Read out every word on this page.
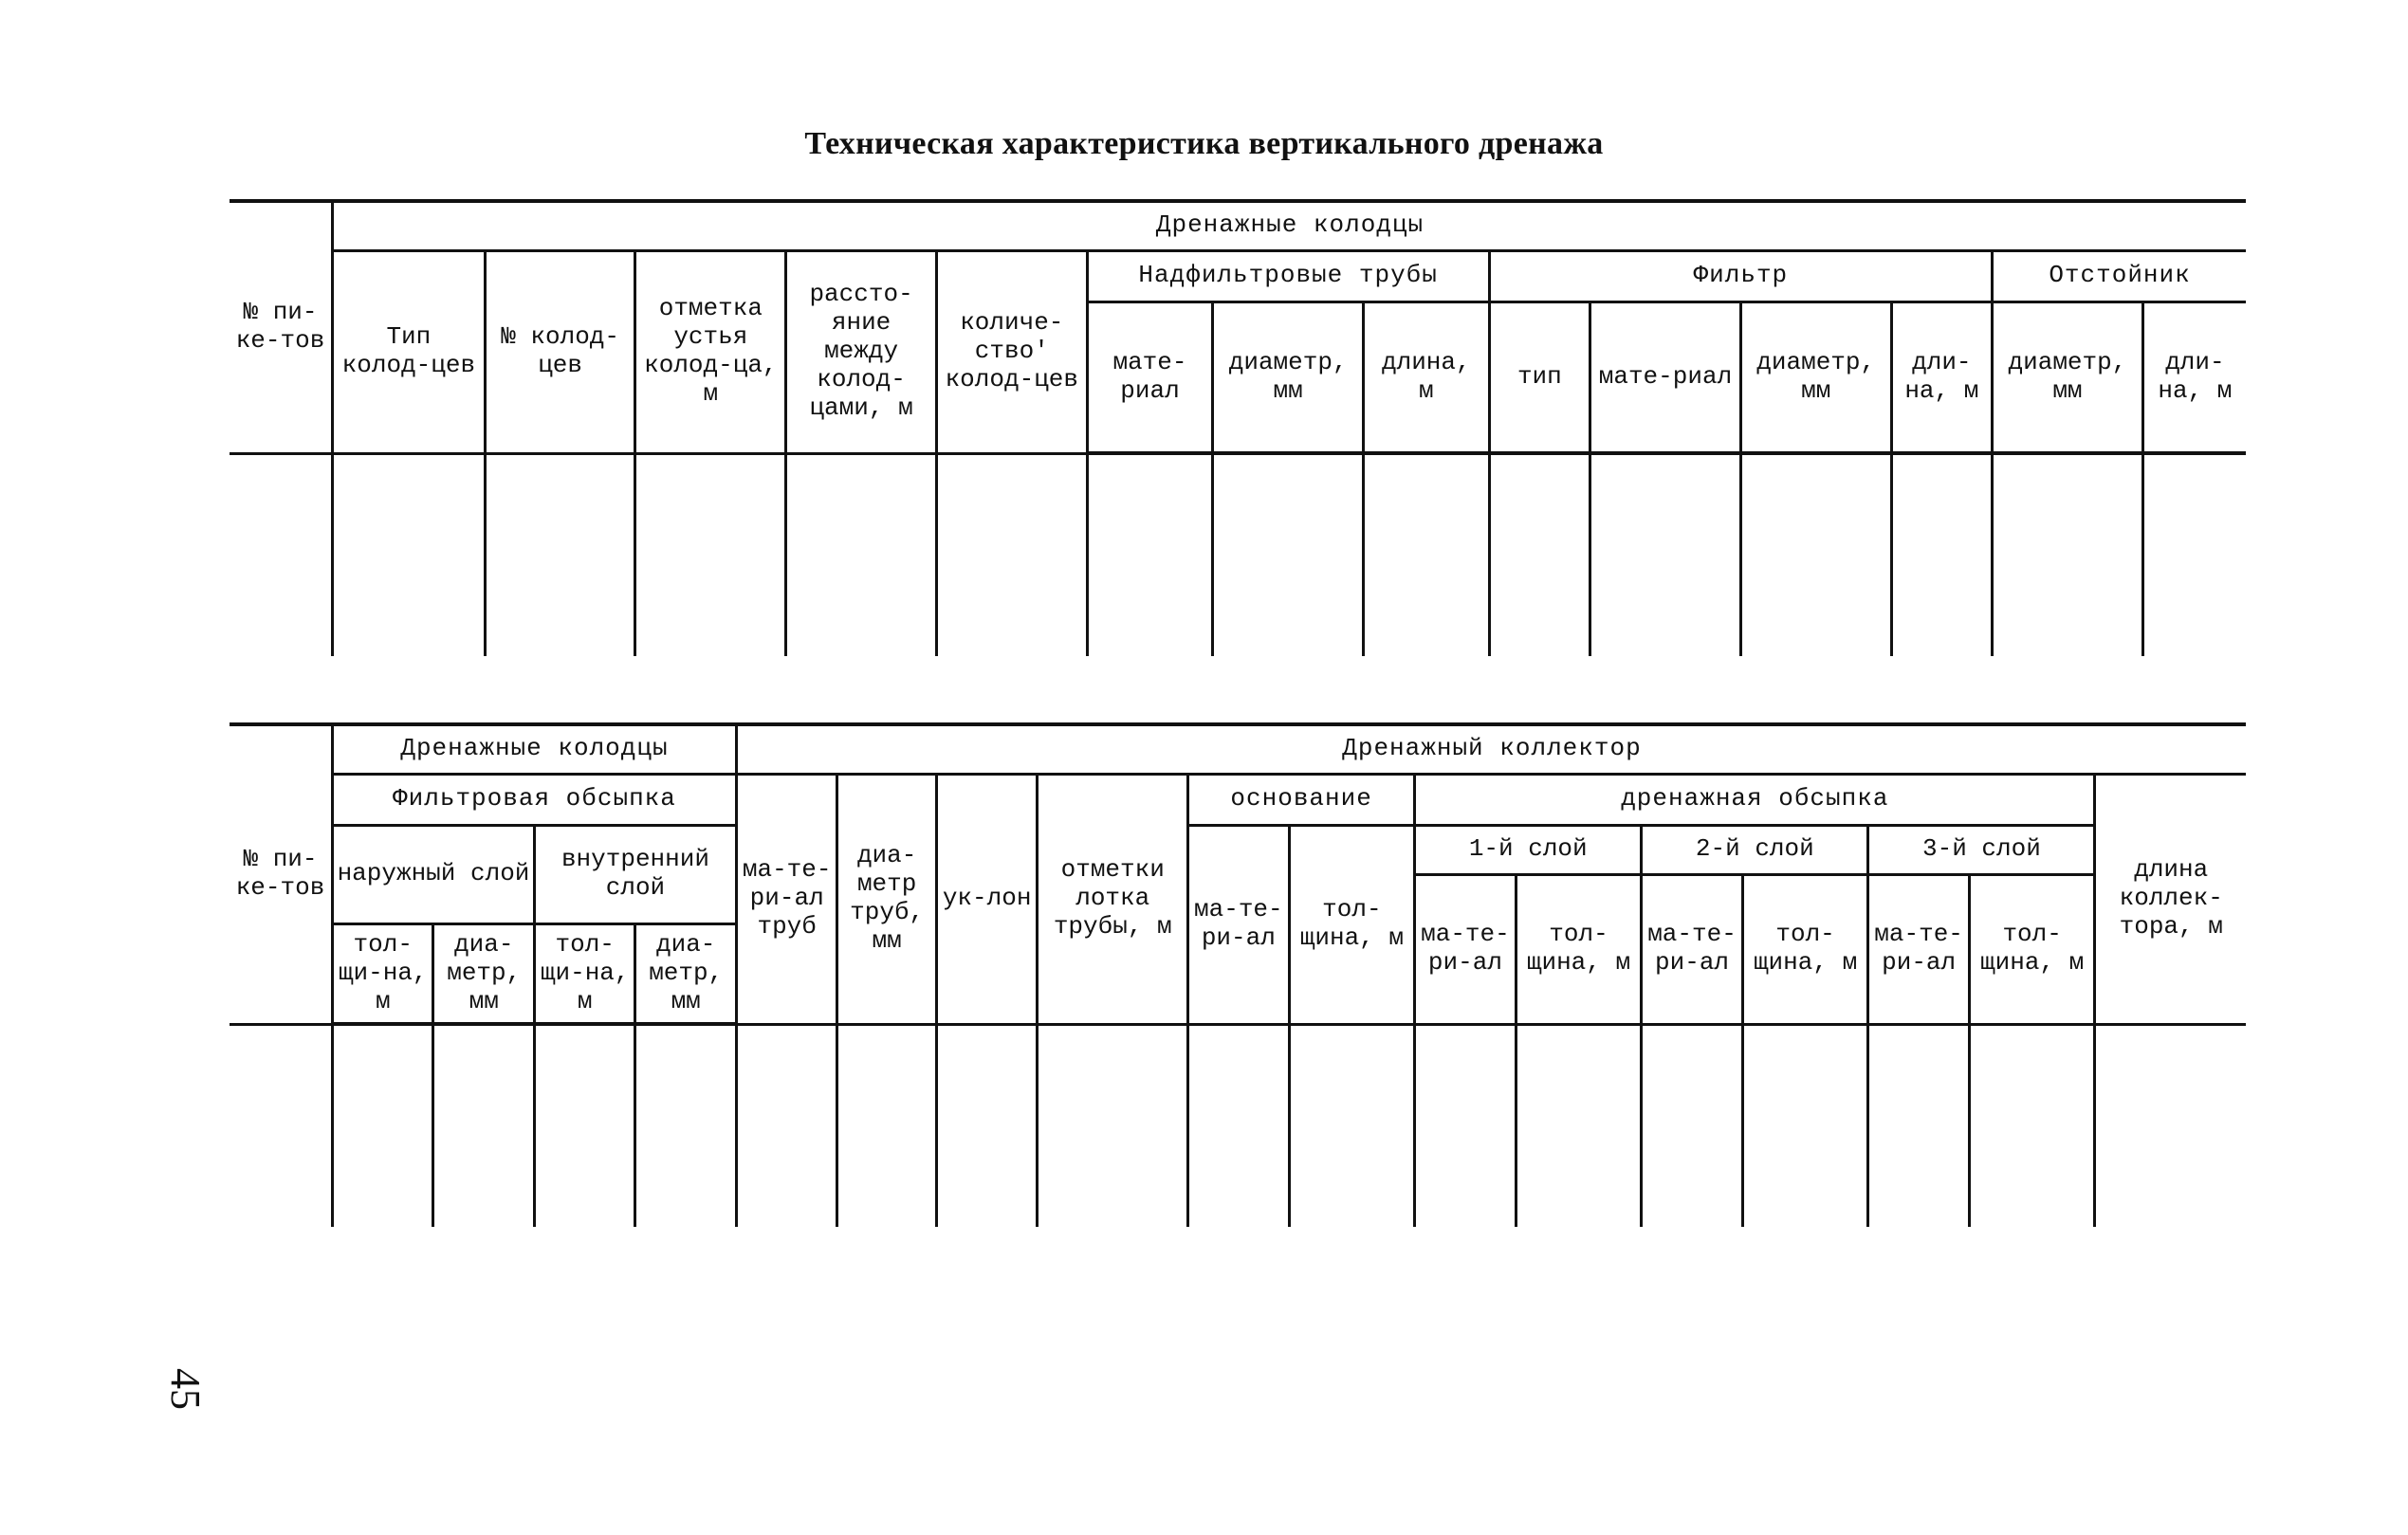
Техническая характеристика вертикального дренажа
№ пи-ке-тов	Дренажные колодцы													
	Тип колод-цев	№ колод-цев	отметка устья колод-ца, м	рассто-яние между колод-цами, м	количе-ство' колод-цев	Надфильтровые трубы			Фильтр				Отстойник	
						мате-риал	диаметр, мм	длина, м	тип	мате-риал	диаметр, мм	дли-на, м	диаметр, мм	дли-на, м

№ пи-ке-тов	Дренажные колодцы				Дренажный коллектор												
	Фильтровая обсыпка				ма-те-ри-ал труб	диа-метр труб, мм	ук-лон	отметки лотка трубы, м	основание		дренажная обсыпка						длина коллек-тора, м
	наружный слой		внутренний слой						ма-те-ри-ал	тол-щина, м	1-й слой		2-й слой		3-й слой		
											ма-те-ри-ал	тол-щина, м	ма-те-ри-ал	тол-щина, м	ма-те-ри-ал	тол-щина, м	
	тол-щи-на, м	диа-метр, мм	тол-щи-на, м	диа-метр, мм													

45
